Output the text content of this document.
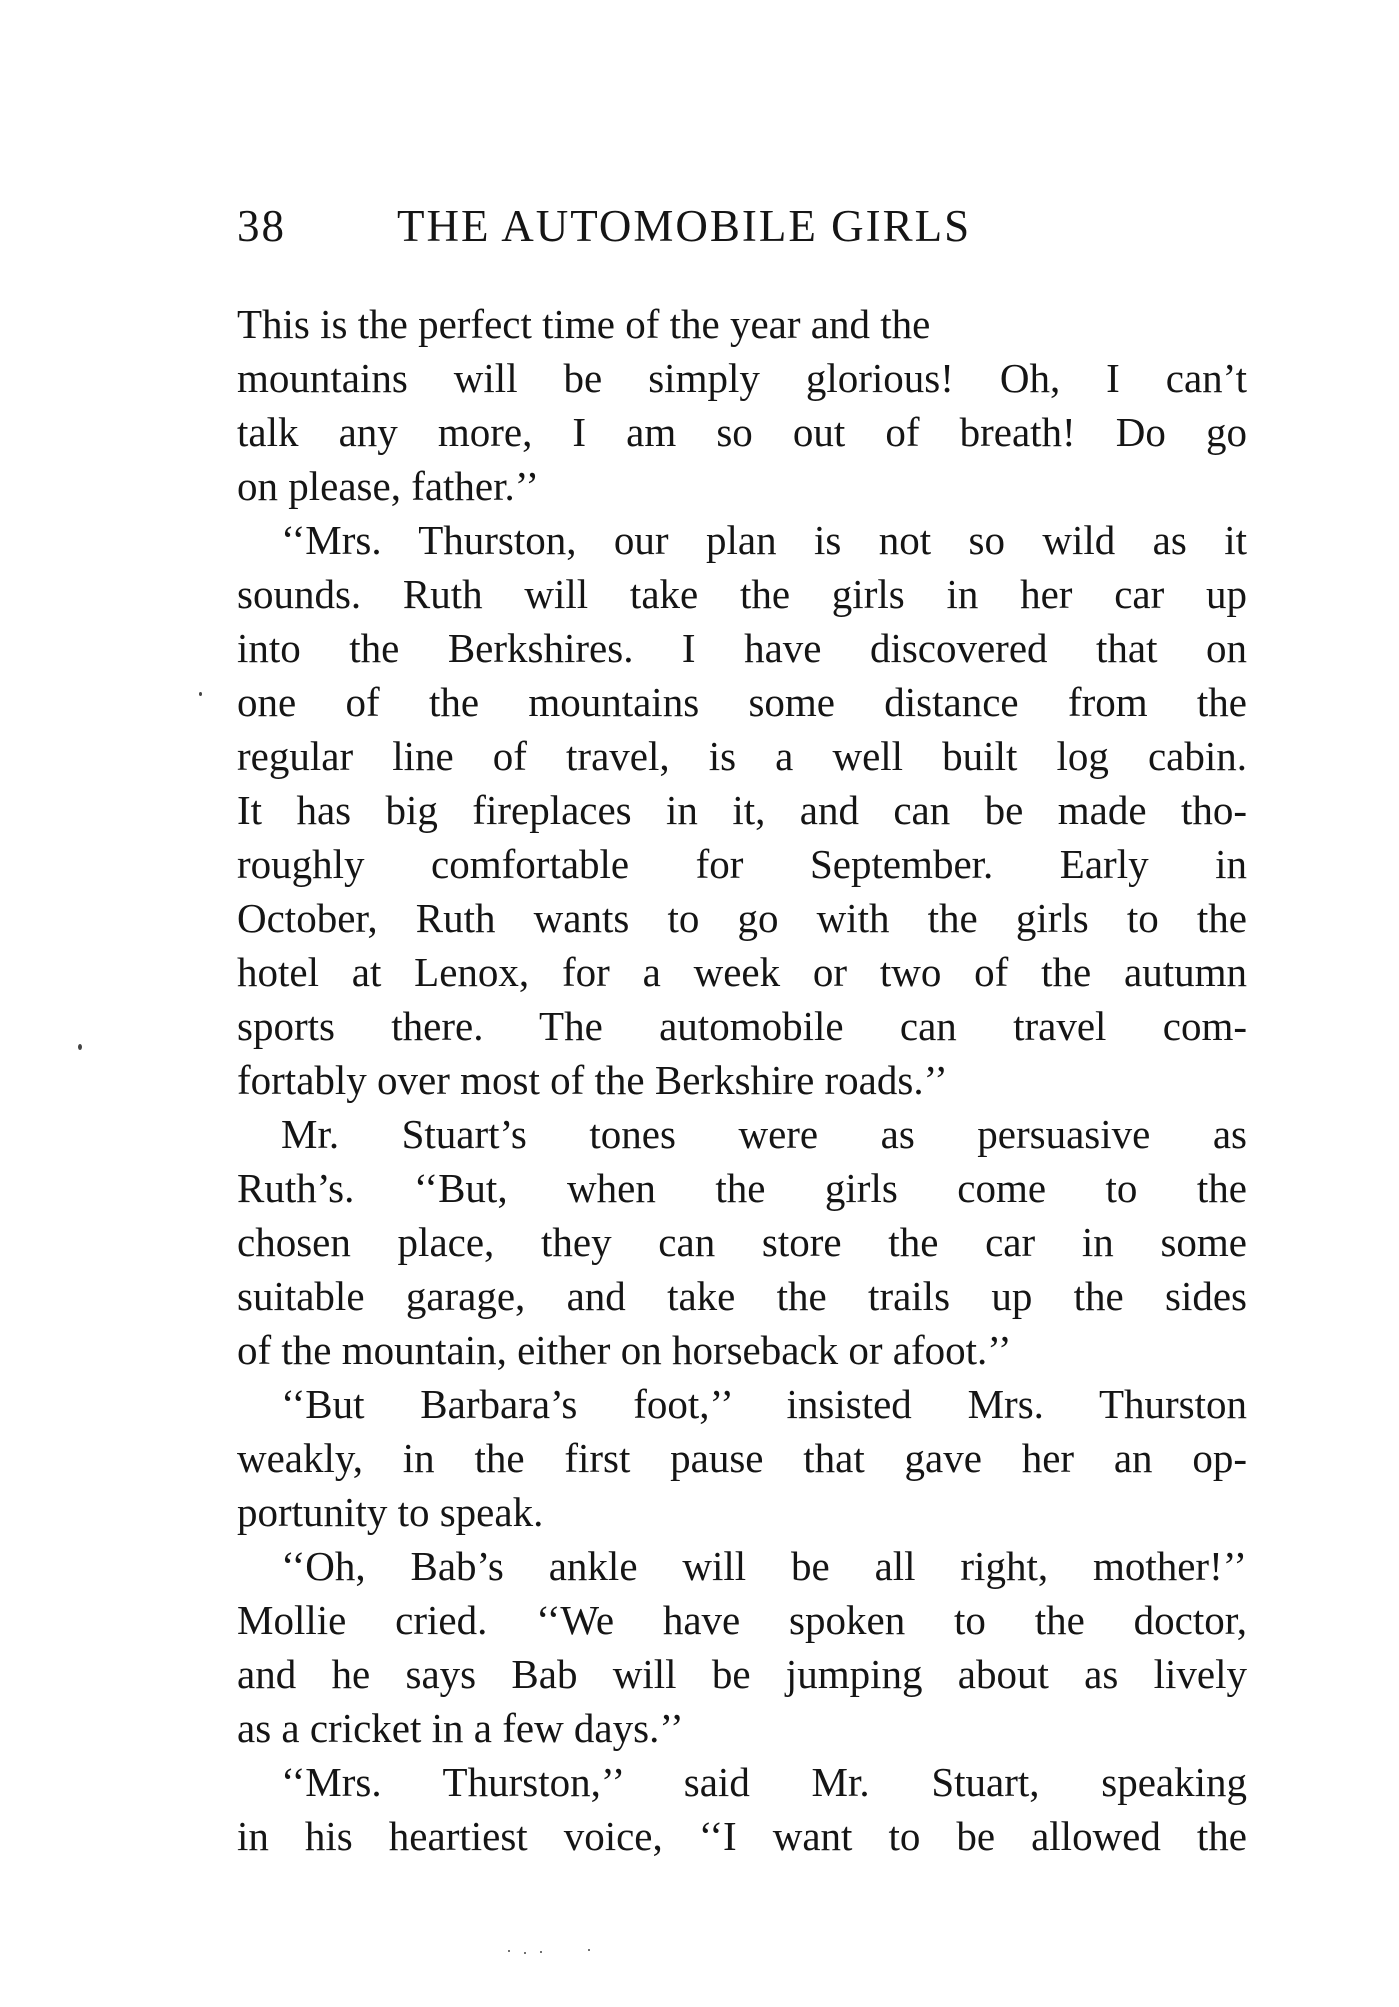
38 THE AUTOMOBILE GIRLS
This is the perfect time of the year and the
mountains will be simply glorious! Oh, I can’t
talk any more, I am so out of breath! Do go
on please, father.’’
‘‘Mrs. Thurston, our plan is not so wild as it
sounds. Ruth will take the girls in her car up
into the Berkshires. I have discovered that on
one of the mountains some distance from the
regular line of travel, is a well built log cabin.
It has big fireplaces in it, and can be made tho-
roughly comfortable for September. Early in
October, Ruth wants to go with the girls to the
hotel at Lenox, for a week or two of the autumn
sports there. The automobile can travel com-
fortably over most of the Berkshire roads.’’
Mr. Stuart’s tones were as persuasive as
Ruth’s. ‘‘But, when the girls come to the
chosen place, they can store the car in some
suitable garage, and take the trails up the sides
of the mountain, either on horseback or afoot.’’
‘‘But Barbara’s foot,’’ insisted Mrs. Thurston
weakly, in the first pause that gave her an op-
portunity to speak.
‘‘Oh, Bab’s ankle will be all right, mother!’’
Mollie cried. ‘‘We have spoken to the doctor,
and he says Bab will be jumping about as lively
as a cricket in a few days.’’
‘‘Mrs. Thurston,’’ said Mr. Stuart, speaking
in his heartiest voice, ‘‘I want to be allowed the
